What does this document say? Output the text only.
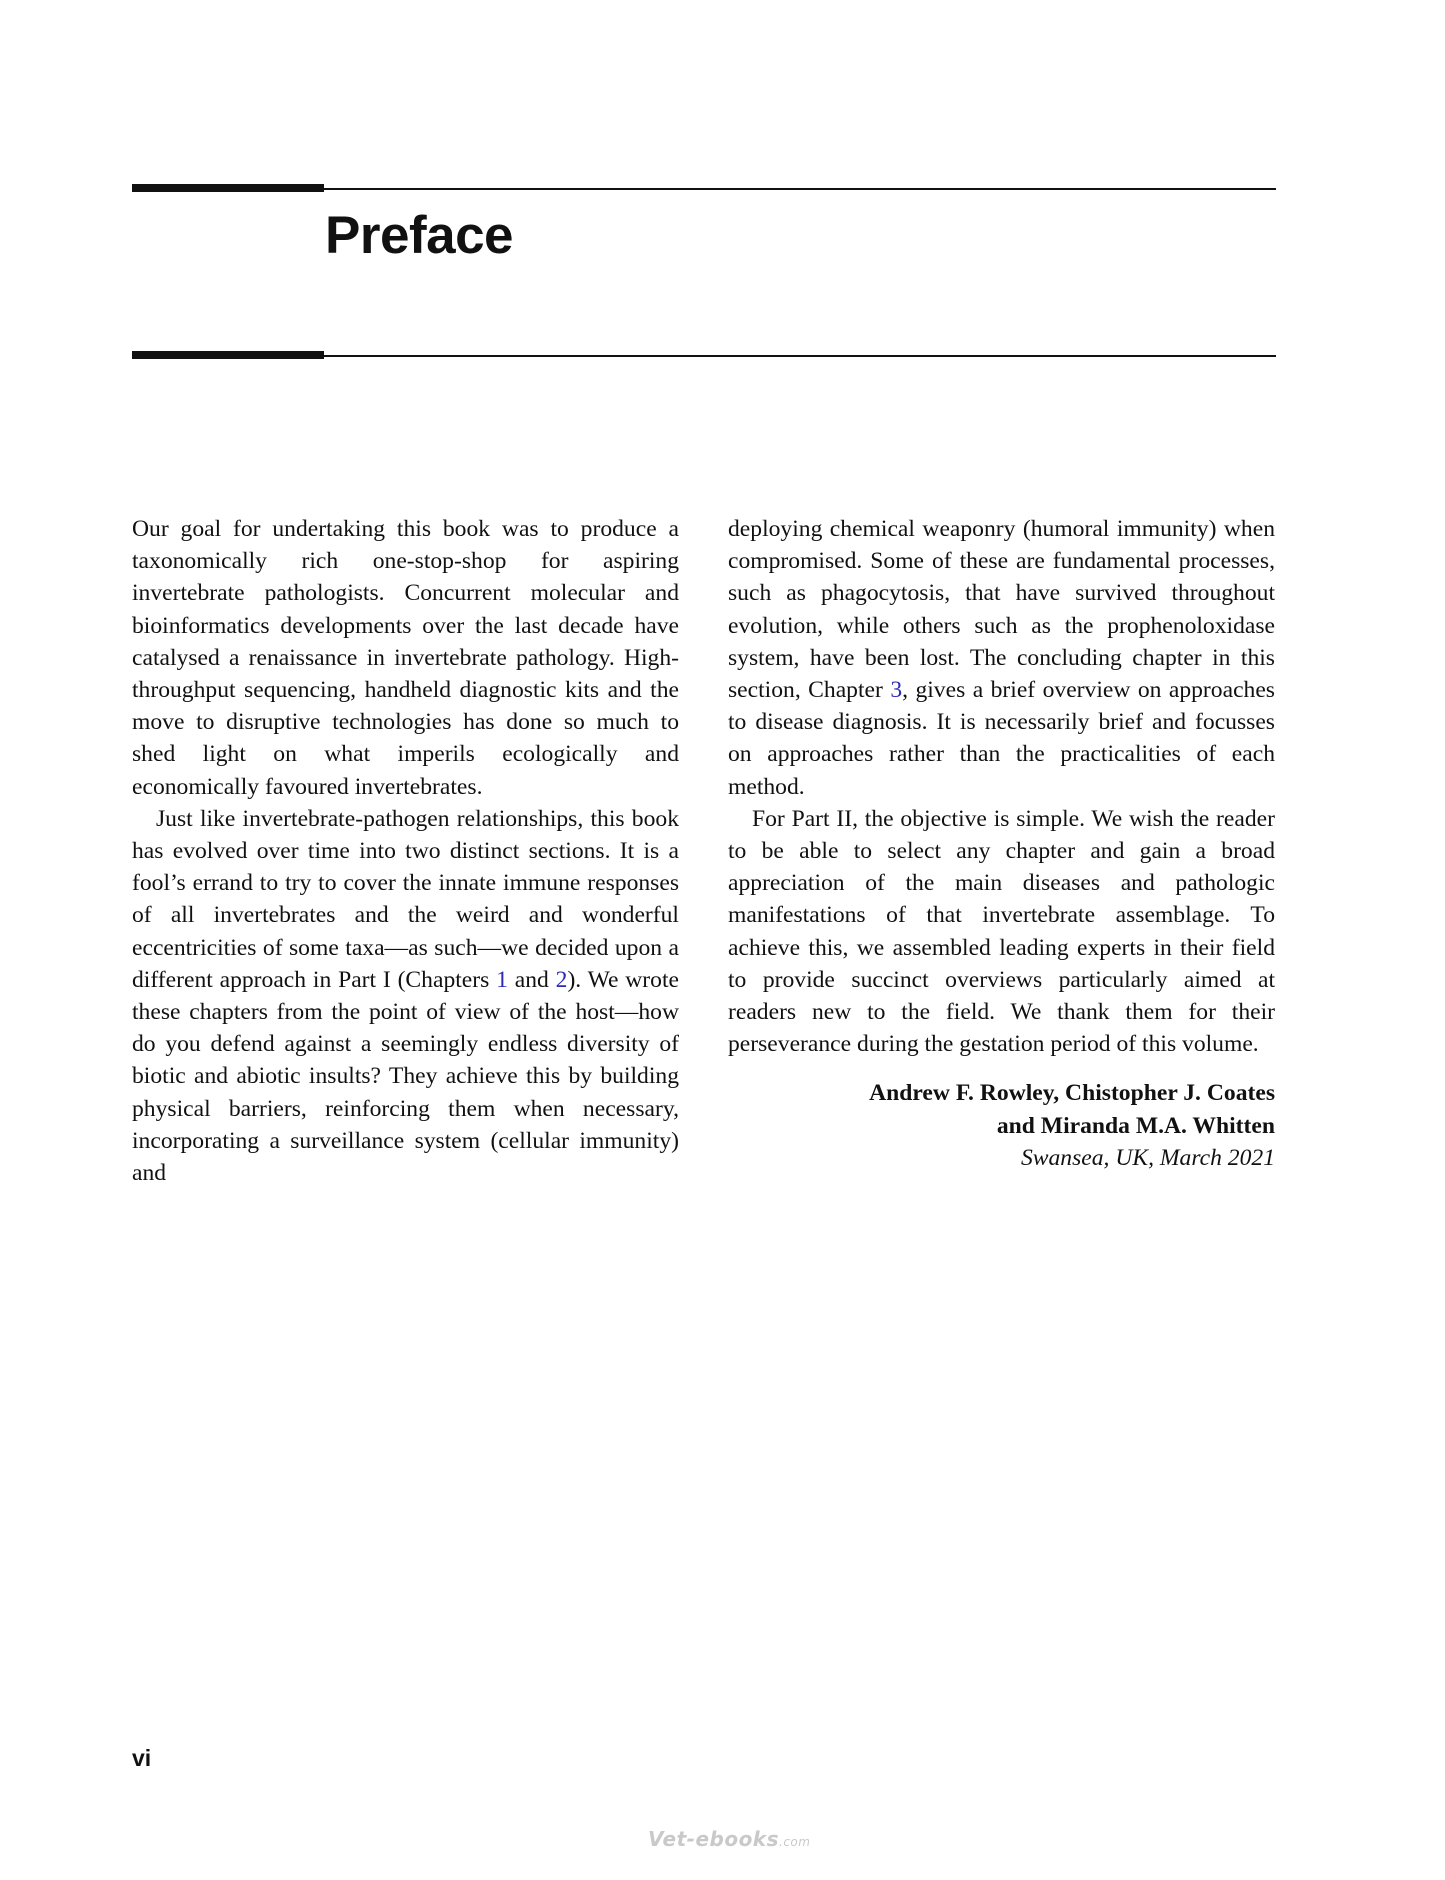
Preface

Our goal for undertaking this book was to produce a taxonomically rich one-stop-shop for aspiring invertebrate pathologists. Concurrent molecular and bioinformatics developments over the last decade have catalysed a renaissance in invertebrate pathology. High-throughput sequencing, handheld diagnostic kits and the move to disruptive technologies has done so much to shed light on what imperils ecologically and economically favoured invertebrates.

Just like invertebrate-pathogen relationships, this book has evolved over time into two distinct sections. It is a fool’s errand to try to cover the innate immune responses of all invertebrates and the weird and wonderful eccentricities of some taxa—as such—we decided upon a different approach in Part I (Chapters 1 and 2). We wrote these chapters from the point of view of the host—how do you defend against a seemingly endless diversity of biotic and abiotic insults? They achieve this by building physical barriers, reinforcing them when necessary, incorporating a surveillance system (cellular immunity) and

deploying chemical weaponry (humoral immunity) when compromised. Some of these are fundamental processes, such as phagocytosis, that have survived throughout evolution, while others such as the prophenoloxidase system, have been lost. The concluding chapter in this section, Chapter 3, gives a brief overview on approaches to disease diagnosis. It is necessarily brief and focusses on approaches rather than the practicalities of each method.

For Part II, the objective is simple. We wish the reader to be able to select any chapter and gain a broad appreciation of the main diseases and pathologic manifestations of that invertebrate assemblage. To achieve this, we assembled leading experts in their field to provide succinct overviews particularly aimed at readers new to the field. We thank them for their perseverance during the gestation period of this volume.

Andrew F. Rowley, Chistopher J. Coates
and Miranda M.A. Whitten
Swansea, UK, March 2021
vi
Vet-ebooks.com
